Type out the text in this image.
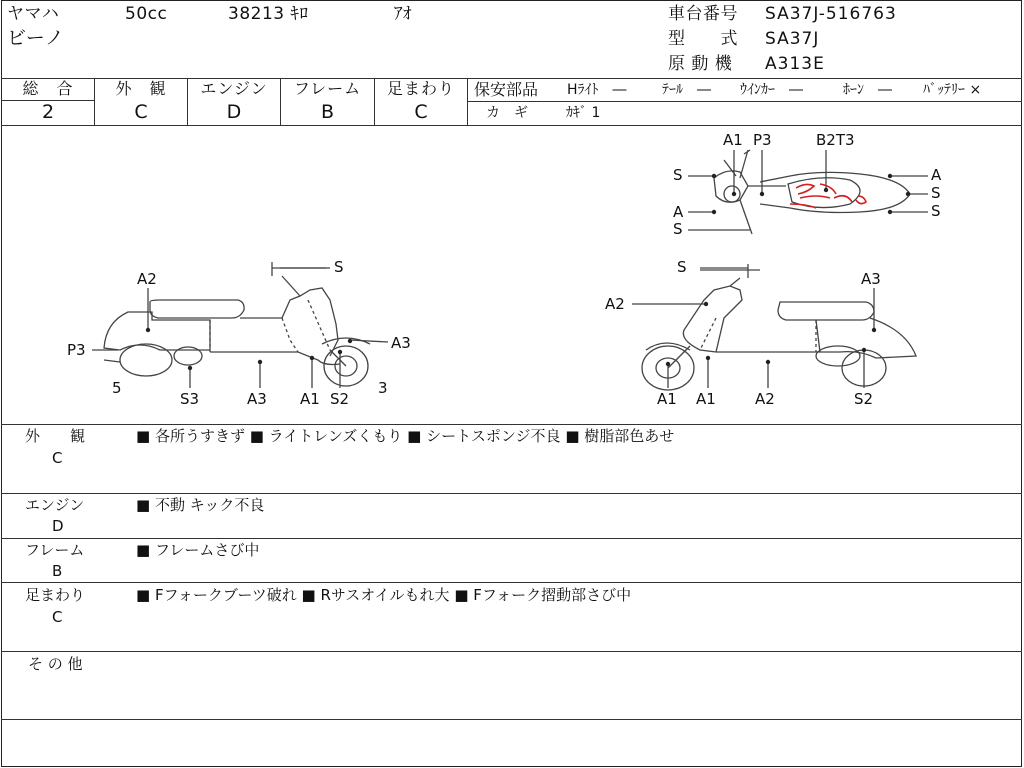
ヤマハ
ビーノ
50cc	38213 ｷﾛ	ｱｵ	車台番号 SA37J-516763
型　　式 SA37J
原 動 機 A313E
総　合
2
外　観
C
エンジン
D
フレーム
B
足まわり
C
保安部品 Hﾗｲﾄ　―	ﾃｰﾙ　― ｳｲﾝｶｰ　―	ﾎｰﾝ　― ﾊﾞｯﾃﾘｰ ×
カ　ギ	ｶｷﾞ 1
A1 P3	B2T3
S	A
S
S
A
S
S
A2
P3
5
S3	A3 A1 S2
A3
3
S
A2
A3
A1 A1	A2	S2
外　　観
C
■ 各所うすきず ■ ライトレンズくもり ■ シートスポンジ不良 ■ 樹脂部色あせ
エンジン
D
■ 不動 キック不良
フレーム
B
■ フレームさび中
足まわり
C
■ Fフォークブーツ破れ ■ Rサスオイルもれ大 ■ Fフォーク摺動部さび中
そ の 他
